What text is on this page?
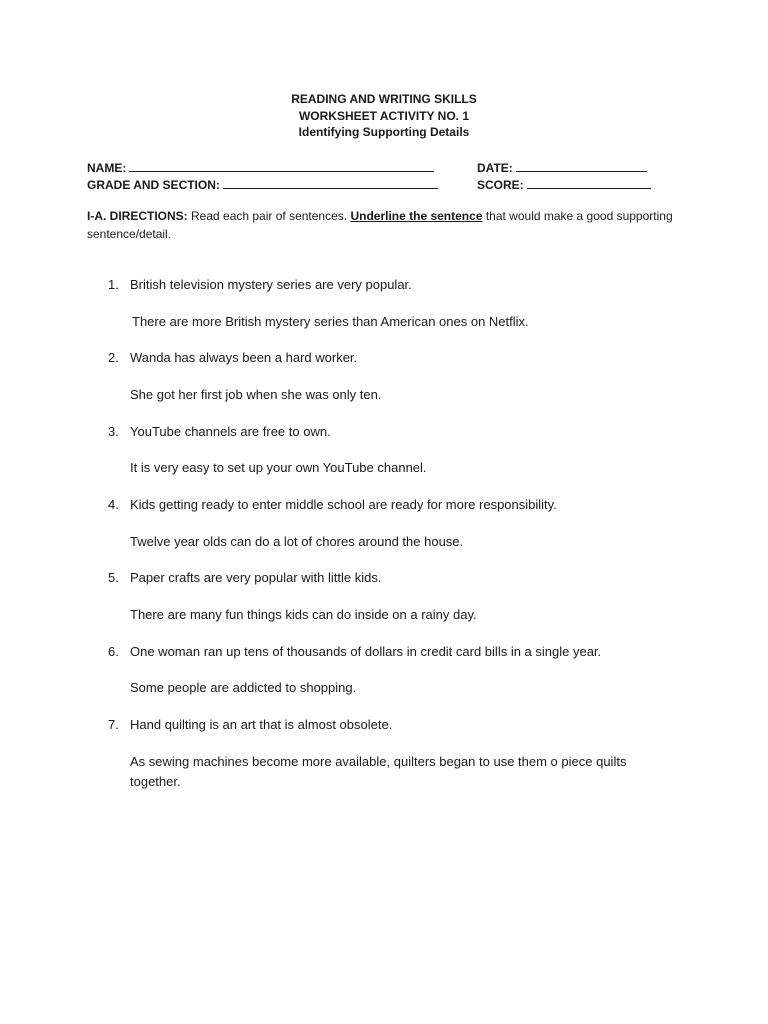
READING AND WRITING SKILLS
WORKSHEET ACTIVITY NO. 1
Identifying Supporting Details
NAME:	DATE:
GRADE AND SECTION:	SCORE:
I-A. DIRECTIONS: Read each pair of sentences. Underline the sentence that would make a good supporting sentence/detail.
1. British television mystery series are very popular.
There are more British mystery series than American ones on Netflix.
2. Wanda has always been a hard worker.
She got her first job when she was only ten.
3. YouTube channels are free to own.
It is very easy to set up your own YouTube channel.
4. Kids getting ready to enter middle school are ready for more responsibility.
Twelve year olds can do a lot of chores around the house.
5. Paper crafts are very popular with little kids.
There are many fun things kids can do inside on a rainy day.
6. One woman ran up tens of thousands of dollars in credit card bills in a single year.
Some people are addicted to shopping.
7. Hand quilting is an art that is almost obsolete.
As sewing machines become more available, quilters began to use them o piece quilts together.
